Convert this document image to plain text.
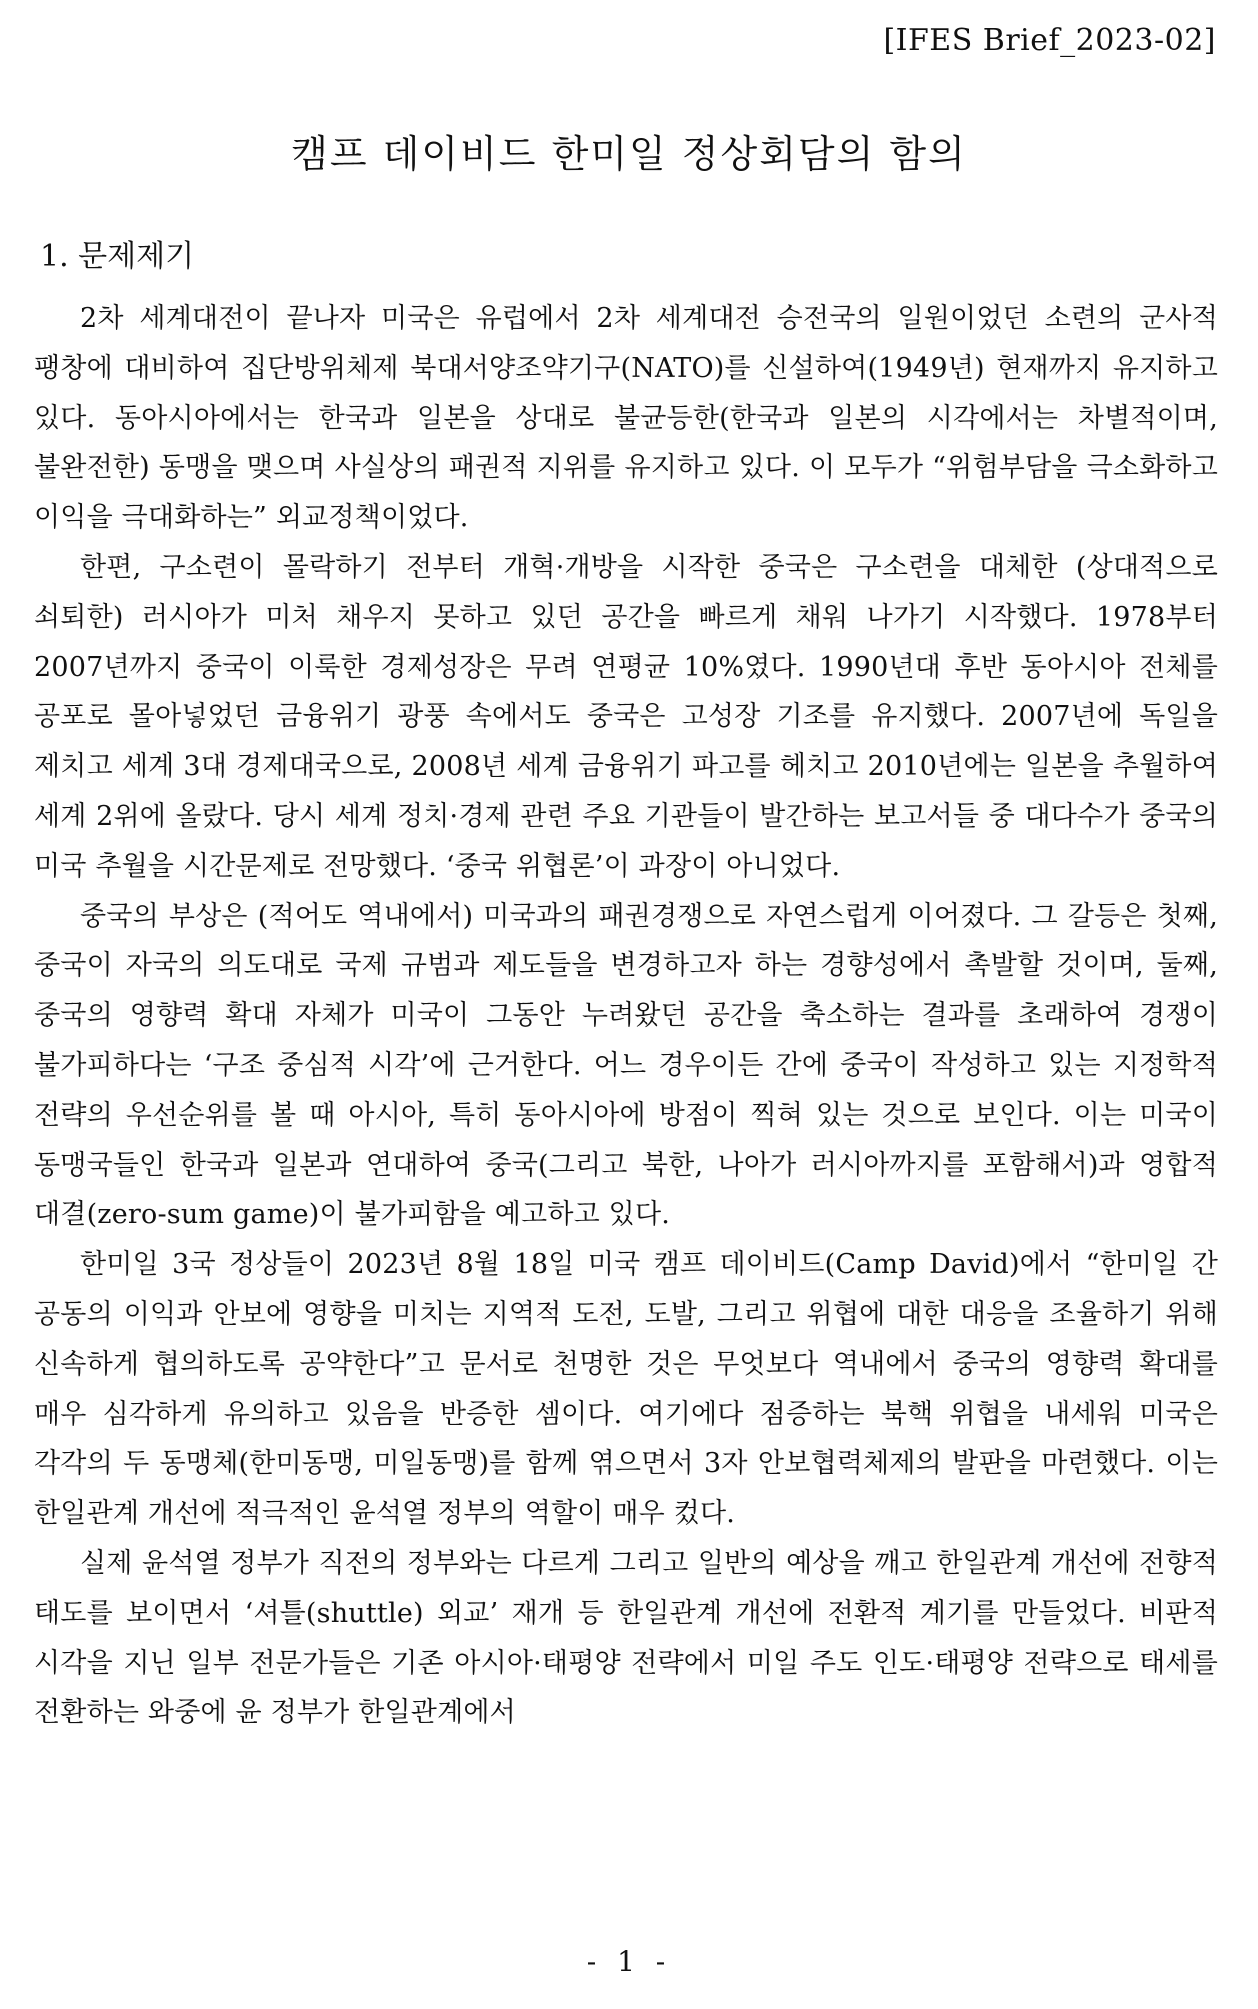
[IFES Brief_2023-02]
캠프 데이비드 한미일 정상회담의 함의
1. 문제제기

2차 세계대전이 끝나자 미국은 유럽에서 2차 세계대전 승전국의 일원이었던 소련의 군사적 팽창에 대비하여 집단방위체제 북대서양조약기구(NATO)를 신설하여(1949년) 현재까지 유지하고 있다. 동아시아에서는 한국과 일본을 상대로 불균등한(한국과 일본의 시각에서는 차별적이며, 불완전한) 동맹을 맺으며 사실상의 패권적 지위를 유지하고 있다. 이 모두가 “위험부담을 극소화하고 이익을 극대화하는” 외교정책이었다.

한편, 구소련이 몰락하기 전부터 개혁·개방을 시작한 중국은 구소련을 대체한 (상대적으로 쇠퇴한) 러시아가 미처 채우지 못하고 있던 공간을 빠르게 채워 나가기 시작했다. 1978부터 2007년까지 중국이 이룩한 경제성장은 무려 연평균 10%였다. 1990년대 후반 동아시아 전체를 공포로 몰아넣었던 금융위기 광풍 속에서도 중국은 고성장 기조를 유지했다. 2007년에 독일을 제치고 세계 3대 경제대국으로, 2008년 세계 금융위기 파고를 헤치고 2010년에는 일본을 추월하여 세계 2위에 올랐다. 당시 세계 정치·경제 관련 주요 기관들이 발간하는 보고서들 중 대다수가 중국의 미국 추월을 시간문제로 전망했다. ‘중국 위협론’이 과장이 아니었다.

중국의 부상은 (적어도 역내에서) 미국과의 패권경쟁으로 자연스럽게 이어졌다. 그 갈등은 첫째, 중국이 자국의 의도대로 국제 규범과 제도들을 변경하고자 하는 경향성에서 촉발할 것이며, 둘째, 중국의 영향력 확대 자체가 미국이 그동안 누려왔던 공간을 축소하는 결과를 초래하여 경쟁이 불가피하다는 ‘구조 중심적 시각’에 근거한다. 어느 경우이든 간에 중국이 작성하고 있는 지정학적 전략의 우선순위를 볼 때 아시아, 특히 동아시아에 방점이 찍혀 있는 것으로 보인다. 이는 미국이 동맹국들인 한국과 일본과 연대하여 중국(그리고 북한, 나아가 러시아까지를 포함해서)과 영합적 대결(zero-sum game)이 불가피함을 예고하고 있다.

한미일 3국 정상들이 2023년 8월 18일 미국 캠프 데이비드(Camp David)에서 “한미일 간 공동의 이익과 안보에 영향을 미치는 지역적 도전, 도발, 그리고 위협에 대한 대응을 조율하기 위해 신속하게 협의하도록 공약한다”고 문서로 천명한 것은 무엇보다 역내에서 중국의 영향력 확대를 매우 심각하게 유의하고 있음을 반증한 셈이다. 여기에다 점증하는 북핵 위협을 내세워 미국은 각각의 두 동맹체(한미동맹, 미일동맹)를 함께 엮으면서 3자 안보협력체제의 발판을 마련했다. 이는 한일관계 개선에 적극적인 윤석열 정부의 역할이 매우 컸다.

실제 윤석열 정부가 직전의 정부와는 다르게 그리고 일반의 예상을 깨고 한일관계 개선에 전향적 태도를 보이면서 ‘셔틀(shuttle) 외교’ 재개 등 한일관계 개선에 전환적 계기를 만들었다. 비판적 시각을 지닌 일부 전문가들은 기존 아시아·태평양 전략에서 미일 주도 인도·태평양 전략으로 태세를 전환하는 와중에 윤 정부가 한일관계에서

- 1 -
